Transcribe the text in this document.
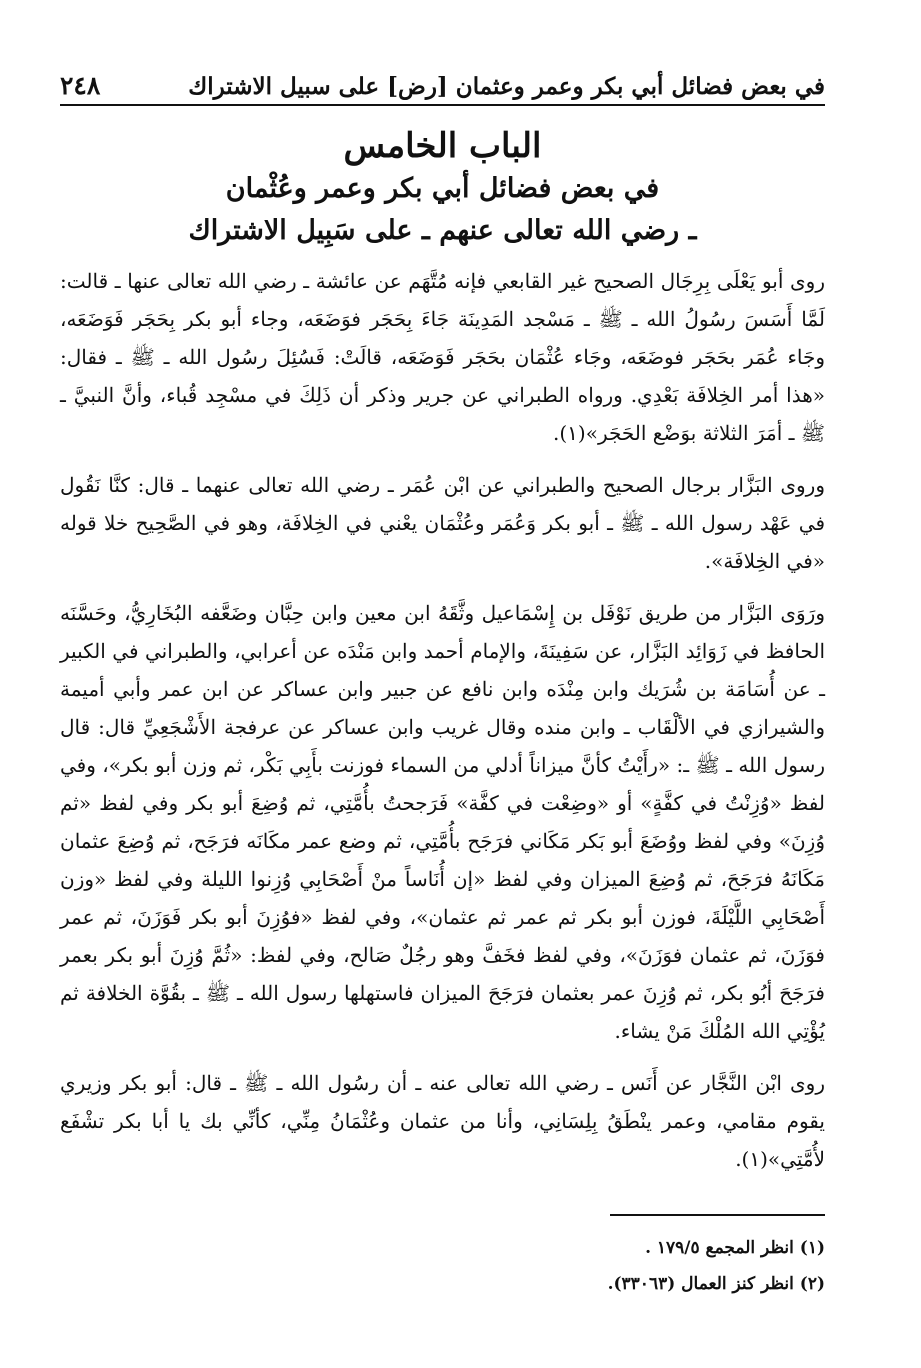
في بعض فضائل أبي بكر وعمر وعثمان [رض] على سبيل الاشتراك
٢٤٨
الباب الخامس
في بعض فضائل أبي بكر وعمر وعُثْمان
ـ رضي الله تعالى عنهم ـ على سَبِيل الاشتراك

روى أبو يَعْلَى بِرِجَال الصحيح غير القابعي فإنه مُتَّهَم عن عائشة ـ رضي الله تعالى عنها ـ قالت: لَمَّا أَسَسَ رسُولُ الله ـ ﷺ ـ مَسْجد المَدِينَة جَاءَ بِحَجَر فوَضَعَه، وجاء أبو بكر بِحَجَر فَوَضَعَه، وجَاء عُمَر بحَجَر فوضَعَه، وجَاء عُثْمَان بحَجَر فَوَضَعَه، قالَتْ: فَسُئِلَ رسُول الله ـ ﷺ ـ فقال: «هذا أمر الخِلافَة بَعْدِي. ورواه الطبراني عن جرير وذكر أن ذَلِكَ في مسْجِد قُباء، وأنَّ النبيَّ ـ ﷺ ـ أمَرَ الثلاثة بوَضْع الحَجَر»(١).

وروى البَزَّار برجال الصحيح والطبراني عن ابْن عُمَر ـ رضي الله تعالى عنهما ـ قال: كنَّا نَقُول في عَهْد رسول الله ـ ﷺ ـ أبو بكر وَعُمَر وعُثْمَان يعْني في الخِلافَة، وهو في الصَّحِيح خلا قوله «في الخِلافَة».

ورَوَى البَزَّار من طريق نَوْفَل بن إِسْمَاعيل وثَّقَهُ ابن معين وابن حِبَّان وضَعَّفه البُخَارِيُّ، وحَسَّنَه الحافظ في زَوَائِد البَزَّار، عن سَفِينَةَ، والإمام أحمد وابن مَنْدَه عن أعرابي، والطبراني في الكبير ـ عن أُسَامَة بن شُرَيك وابن مِنْدَه وابن نافع عن جبير وابن عساكر عن ابن عمر وأبي أميمة والشيرازي في الألْقَاب ـ وابن منده وقال غريب وابن عساكر عن عرفجة الأَشْجَعِيِّ قال: قال رسول الله ـ ﷺ ـ: «رأَيْتُ كأنَّ ميزاناً أدلي من السماء فوزنت بأَبِي بَكْر، ثم وزن أبو بكر»، وفي لفظ «وُزِنْتُ في كفَّةٍ» أو «وضِعْت في كفَّة» فَرَجحتُ بأُمَّتِي، ثم وُضِعَ أبو بكر وفي لفظ «ثم وُزِنَ» وفي لفظ ووُضَعَ أبو بَكر مَكَاني فرَجَح بأُمَّتِي، ثم وضع عمر مكَانَه فرَجَح، ثم وُضِعَ عثمان مَكَانَهُ فرَجَحَ، ثم وُضِعَ الميزان وفي لفظ «إن أُنَاساً منْ أَصْحَابِي وُزِنوا الليلة وفي لفظ «وزن أَصْحَابِي اللَّيْلَةَ، فوزن أبو بكر ثم عمر ثم عثمان»، وفي لفظ «فوُزِنَ أبو بكر فَوَزَنَ، ثم عمر فوَزَنَ، ثم عثمان فوَزَنَ»، وفي لفظ فخَفَّ وهو رجُلٌ صَالح، وفي لفظ: «ثُمَّ وُزِنَ أبو بكر بعمر فرَجَحَ أبُو بكر، ثم وُزِنَ عمر بعثمان فرَجَحَ الميزان فاستهلها رسول الله ـ ﷺ ـ بقُوَّة الخلافة ثم يُؤْتِي الله المُلْكَ مَنْ يشاء.

روى ابْن النَّجَّار عن أَنَس ـ رضي الله تعالى عنه ـ أن رسُول الله ـ ﷺ ـ قال: أبو بكر وزيري يقوم مقامي، وعمر ينْطَقُ بِلِسَانِي، وأنا من عثمان وعُثْمَانُ مِنِّي، كأنِّي بك يا أبا بكر تشْفَع لأُمَّتِي»(١).

(١) انظر المجمع ١٧٩/٥ .
(٢) انظر كنز العمال (٣٣٠٦٣).
